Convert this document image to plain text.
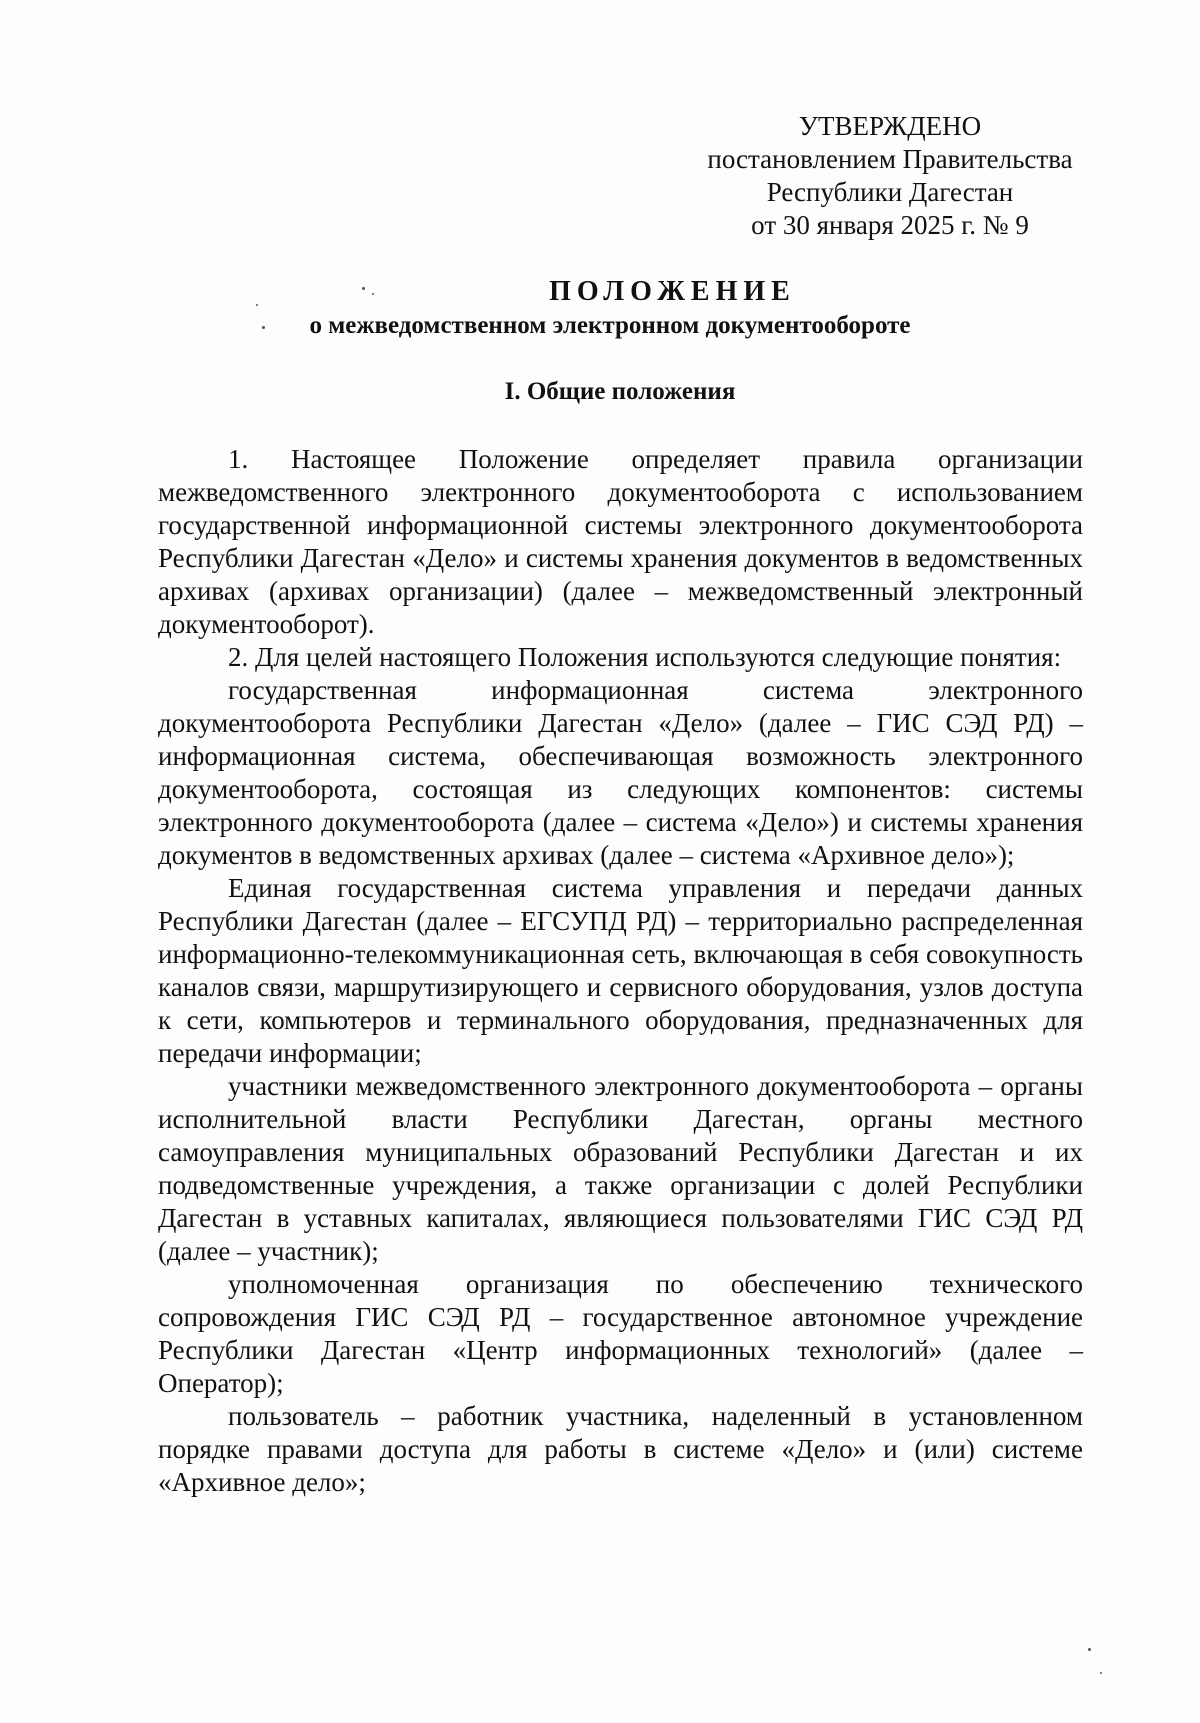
УТВЕРЖДЕНО
постановлением Правительства
Республики Дагестан
от 30 января 2025 г. № 9
ПОЛОЖЕНИЕ
о межведомственном электронном документообороте
I. Общие положения

1. Настоящее Положение определяет правила организации межведомственного электронного документооборота с использованием государственной информационной системы электронного документооборота Республики Дагестан «Дело» и системы хранения документов в ведомственных архивах (архивах организации) (далее – межведомственный электронный документооборот).

2. Для целей настоящего Положения используются следующие понятия:

государственная информационная система электронного документооборота Республики Дагестан «Дело» (далее – ГИС СЭД РД) – информационная система, обеспечивающая возможность электронного документооборота, состоящая из следующих компонентов: системы электронного документооборота (далее – система «Дело») и системы хранения документов в ведомственных архивах (далее – система «Архивное дело»);

Единая государственная система управления и передачи данных Республики Дагестан (далее – ЕГСУПД РД) – территориально распределенная информационно-телекоммуникационная сеть, включающая в себя совокупность каналов связи, маршрутизирующего и сервисного оборудования, узлов доступа к сети, компьютеров и терминального оборудования, предназначенных для передачи информации;

участники межведомственного электронного документооборота – органы исполнительной власти Республики Дагестан, органы местного самоуправления муниципальных образований Республики Дагестан и их подведомственные учреждения, а также организации с долей Республики Дагестан в уставных капиталах, являющиеся пользователями ГИС СЭД РД (далее – участник);

уполномоченная организация по обеспечению технического сопровождения ГИС СЭД РД – государственное автономное учреждение Республики Дагестан «Центр информационных технологий» (далее – Оператор);

пользователь – работник участника, наделенный в установленном порядке правами доступа для работы в системе «Дело» и (или) системе «Архивное дело»;
